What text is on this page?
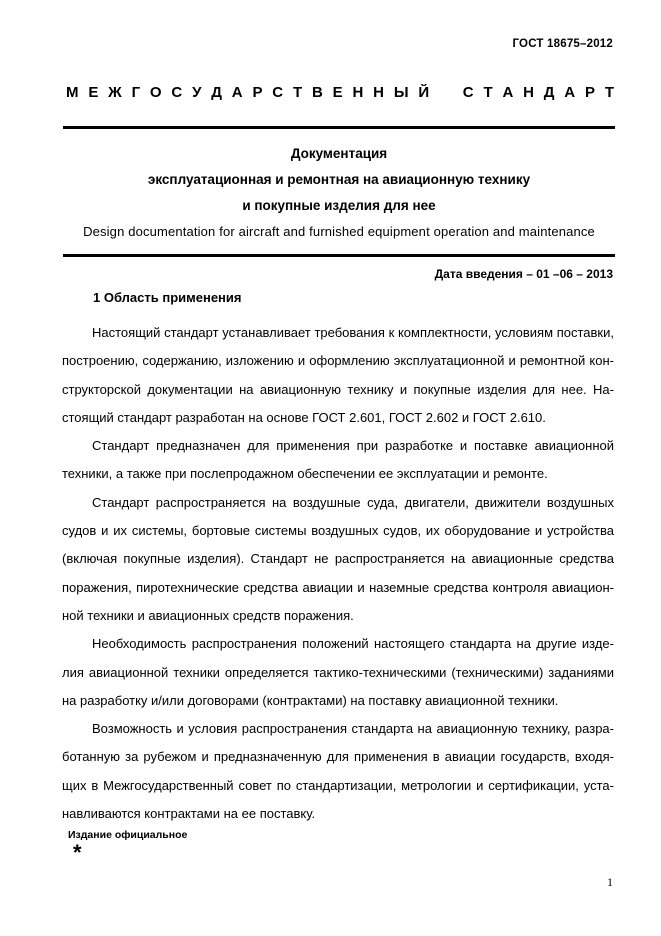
ГОСТ 18675–2012
М Е Ж Г О С У Д А Р С Т В Е Н Н Ы Й
С Т А Н Д А Р Т
Документация
эксплуатационная и ремонтная на авиационную технику
и покупные изделия для нее
Design documentation for aircraft and furnished equipment operation and maintenance
Дата введения – 01 –06 – 2013
1 Область применения
Настоящий стандарт устанавливает требования к комплектности, условиям поставки,
построению, содержанию, изложению и оформлению эксплуатационной и ремонтной кон-
структорской документации на авиационную технику и покупные изделия для нее. На-
стоящий стандарт разработан на основе ГОСТ 2.601, ГОСТ 2.602 и ГОСТ 2.610.
Стандарт предназначен для применения при разработке и поставке авиационной
техники, а также при послепродажном обеспечении ее эксплуатации и ремонте.
Стандарт распространяется на воздушные суда, двигатели, движители воздушных
судов и их системы, бортовые системы воздушных судов, их оборудование и устройства
(включая покупные изделия). Стандарт не распространяется на авиационные средства
поражения, пиротехнические средства авиации и наземные средства контроля авиацион-
ной техники и авиационных средств поражения.
Необходимость распространения положений настоящего стандарта на другие изде-
лия авиационной техники определяется тактико-техническими (техническими) заданиями
на разработку и/или договорами (контрактами) на поставку авиационной техники.
Возможность и условия распространения стандарта на авиационную технику, разра-
ботанную за рубежом и предназначенную для применения в авиации государств, входя-
щих в Межгосударственный совет по стандартизации, метрологии и сертификации, уста-
навливаются контрактами на ее поставку.
Издание официальное
*
1
